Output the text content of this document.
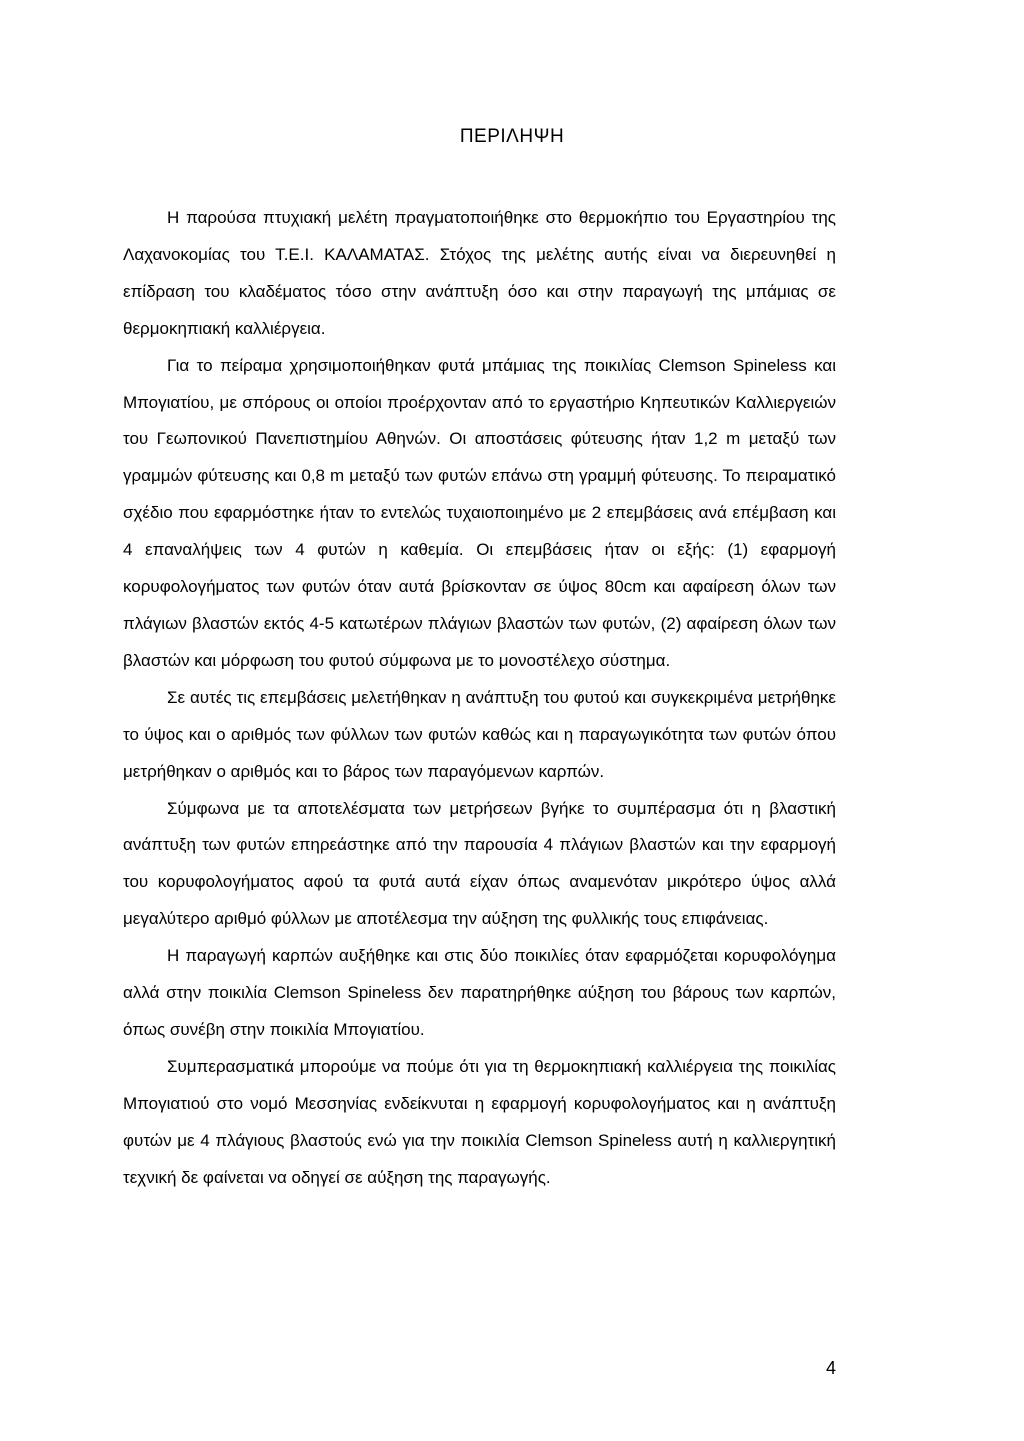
ΠΕΡΙΛΗΨΗ

Η παρούσα πτυχιακή μελέτη πραγματοποιήθηκε στο θερμοκήπιο του Εργαστηρίου της Λαχανοκομίας του Τ.Ε.Ι. ΚΑΛΑΜΑΤΑΣ. Στόχος της μελέτης αυτής είναι να διερευνηθεί η επίδραση του κλαδέματος τόσο στην ανάπτυξη όσο και στην παραγωγή της μπάμιας σε θερμοκηπιακή καλλιέργεια.

Για το πείραμα χρησιμοποιήθηκαν φυτά μπάμιας της ποικιλίας Clemson Spineless και Μπογιατίου, με σπόρους οι οποίοι προέρχονταν από το εργαστήριο Κηπευτικών Καλλιεργειών του Γεωπονικού Πανεπιστημίου Αθηνών. Οι αποστάσεις φύτευσης ήταν 1,2 m μεταξύ των γραμμών φύτευσης και 0,8 m μεταξύ των φυτών επάνω στη γραμμή φύτευσης. Το πειραματικό σχέδιο που εφαρμόστηκε ήταν το εντελώς τυχαιοποιημένο με 2 επεμβάσεις ανά επέμβαση και 4 επαναλήψεις των 4 φυτών η καθεμία. Οι επεμβάσεις ήταν οι εξής: (1) εφαρμογή κορυφολογήματος των φυτών όταν αυτά βρίσκονταν σε ύψος 80cm και αφαίρεση όλων των πλάγιων βλαστών εκτός 4-5 κατωτέρων πλάγιων βλαστών των φυτών, (2) αφαίρεση όλων των βλαστών και μόρφωση του φυτού σύμφωνα με το μονοστέλεχο σύστημα.

Σε αυτές τις επεμβάσεις μελετήθηκαν η ανάπτυξη του φυτού και συγκεκριμένα μετρήθηκε το ύψος και ο αριθμός των φύλλων των φυτών καθώς και η παραγωγικότητα των φυτών όπου μετρήθηκαν ο αριθμός και το βάρος των παραγόμενων καρπών.

Σύμφωνα με τα αποτελέσματα των μετρήσεων βγήκε το συμπέρασμα ότι η βλαστική ανάπτυξη των φυτών επηρεάστηκε από την παρουσία 4 πλάγιων βλαστών και την εφαρμογή του κορυφολογήματος αφού τα φυτά αυτά είχαν όπως αναμενόταν μικρότερο ύψος αλλά μεγαλύτερο αριθμό φύλλων με αποτέλεσμα την αύξηση της φυλλικής τους επιφάνειας.

Η παραγωγή καρπών αυξήθηκε και στις δύο ποικιλίες όταν εφαρμόζεται κορυφολόγημα αλλά στην ποικιλία Clemson Spineless δεν παρατηρήθηκε αύξηση του βάρους των καρπών, όπως συνέβη στην ποικιλία Μπογιατίου.

Συμπερασματικά μπορούμε να πούμε ότι για τη θερμοκηπιακή καλλιέργεια της ποικιλίας Μπογιατιού στο νομό Μεσσηνίας ενδείκνυται η εφαρμογή κορυφολογήματος και η ανάπτυξη φυτών με 4 πλάγιους βλαστούς ενώ για την ποικιλία Clemson Spineless αυτή η καλλιεργητική τεχνική δε φαίνεται να οδηγεί σε αύξηση της παραγωγής.

4
